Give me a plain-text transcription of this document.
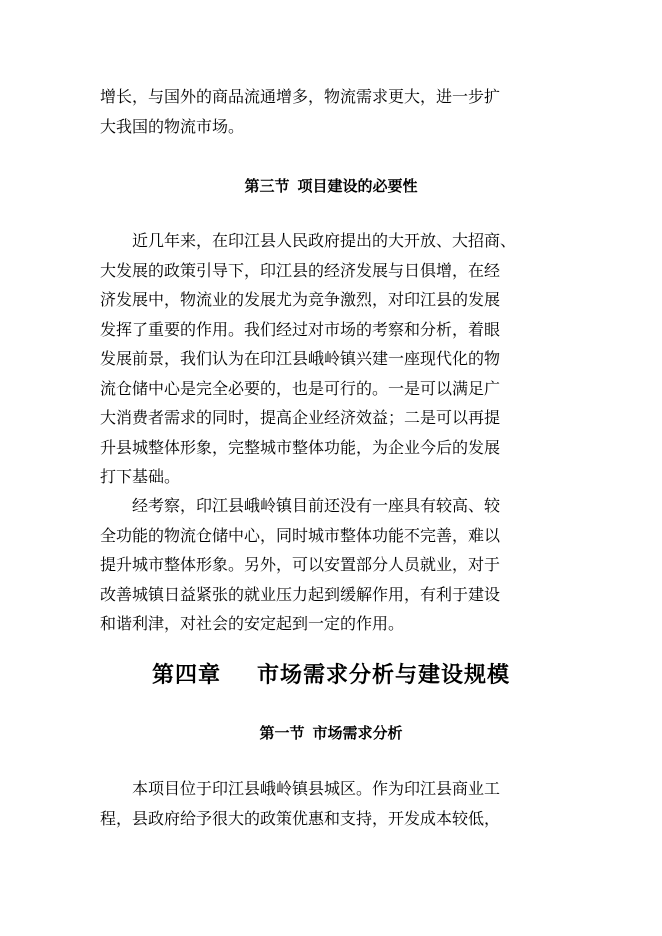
增长，与国外的商品流通增多，物流需求更大，进一步扩
大我国的物流市场。
第三节 项目建设的必要性
近几年来，在印江县人民政府提出的大开放、大招商、
大发展的政策引导下，印江县的经济发展与日俱增，在经
济发展中，物流业的发展尤为竞争激烈，对印江县的发展
发挥了重要的作用。我们经过对市场的考察和分析，着眼
发展前景，我们认为在印江县峨岭镇兴建一座现代化的物
流仓储中心是完全必要的，也是可行的。一是可以满足广
大消费者需求的同时，提高企业经济效益；二是可以再提
升县城整体形象，完整城市整体功能，为企业今后的发展
打下基础。
经考察，印江县峨岭镇目前还没有一座具有较高、较
全功能的物流仓储中心，同时城市整体功能不完善，难以
提升城市整体形象。另外，可以安置部分人员就业，对于
改善城镇日益紧张的就业压力起到缓解作用，有利于建设
和谐利津，对社会的安定起到一定的作用。
第四章 市场需求分析与建设规模
第一节 市场需求分析
本项目位于印江县峨岭镇县城区。作为印江县商业工
程，县政府给予很大的政策优惠和支持，开发成本较低，
